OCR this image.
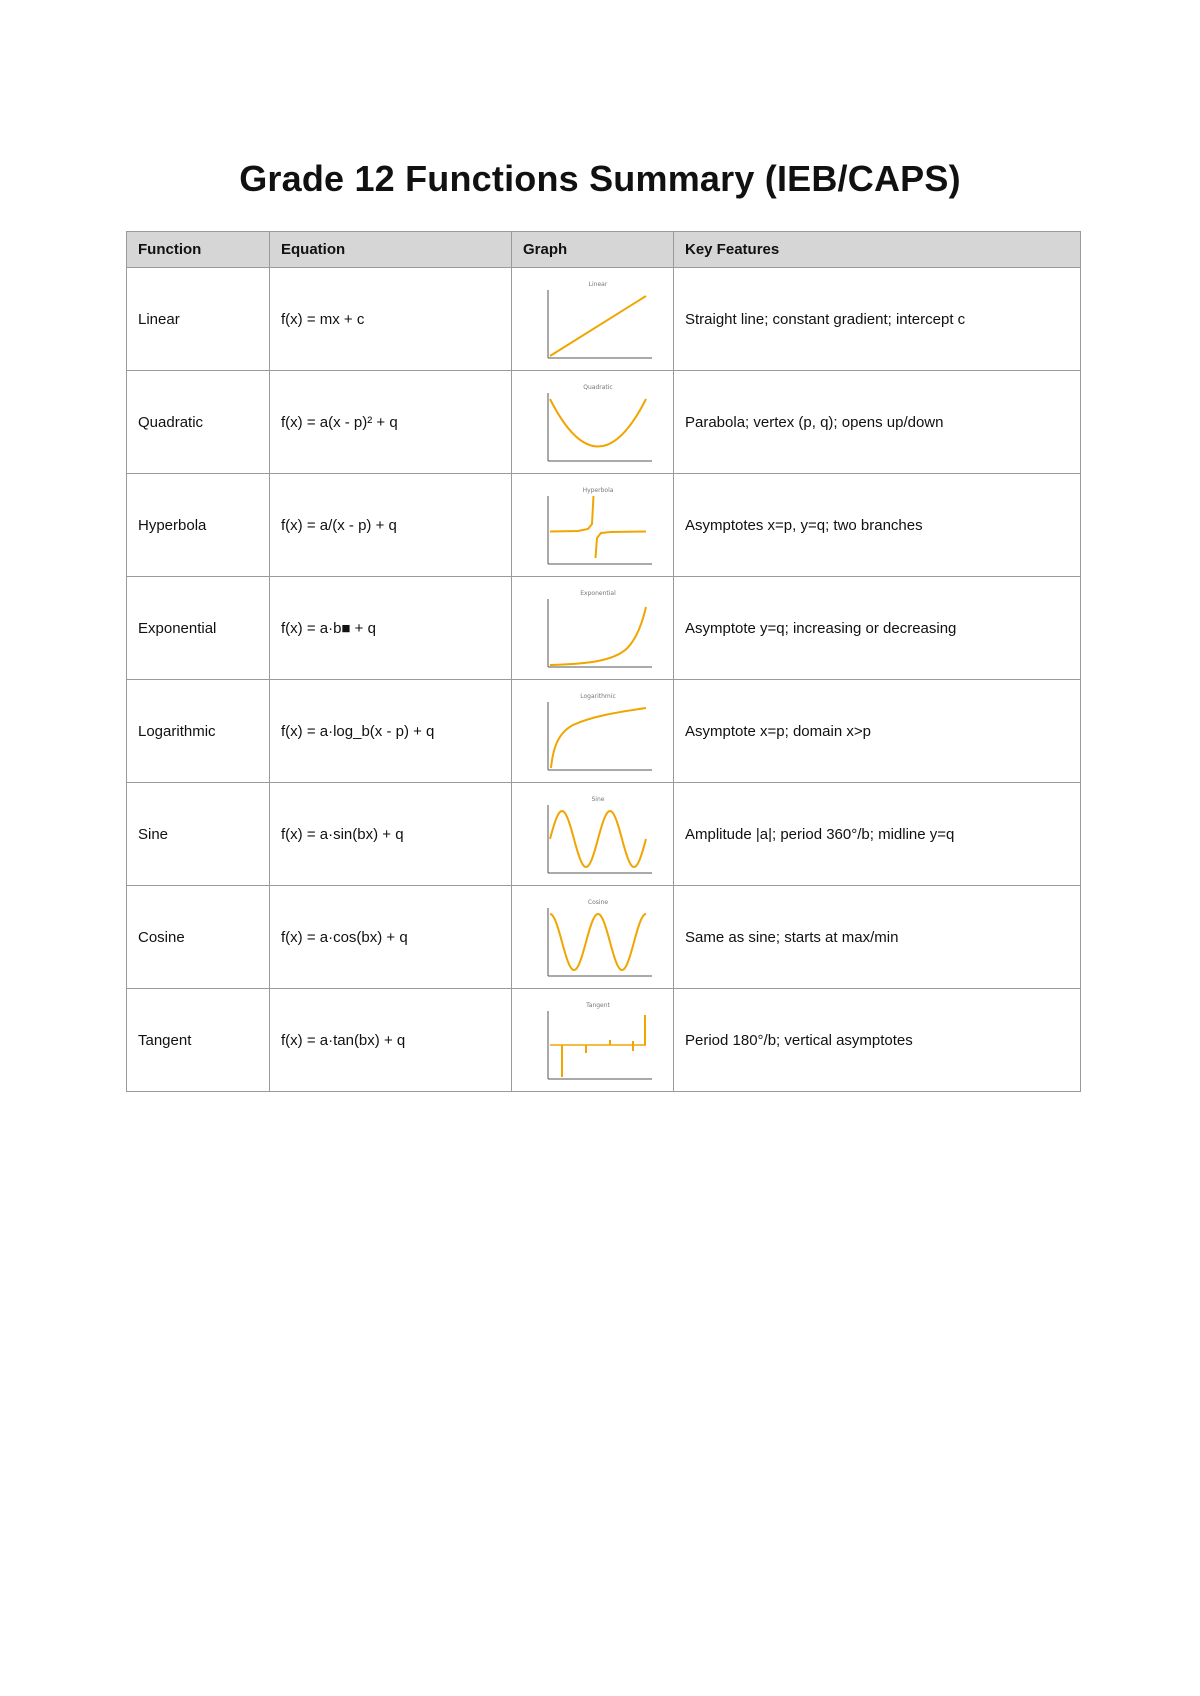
Grade 12 Functions Summary (IEB/CAPS)
Function	Equation	Graph	Key Features
Linear	f(x) = mx + c	Linear	Straight line; constant gradient; intercept c
Quadratic	f(x) = a(x - p)² + q	Quadratic	Parabola; vertex (p, q); opens up/down
Hyperbola	f(x) = a/(x - p) + q	Hyperbola	Asymptotes x=p, y=q; two branches
Exponential	f(x) = a·b■ + q	Exponential	Asymptote y=q; increasing or decreasing
Logarithmic	f(x) = a·log_b(x - p) + q	Logarithmic	Asymptote x=p; domain x>p
Sine	f(x) = a·sin(bx) + q	Sine	Amplitude |a|; period 360°/b; midline y=q
Cosine	f(x) = a·cos(bx) + q	Cosine	Same as sine; starts at max/min
Tangent	f(x) = a·tan(bx) + q	Tangent	Period 180°/b; vertical asymptotes
